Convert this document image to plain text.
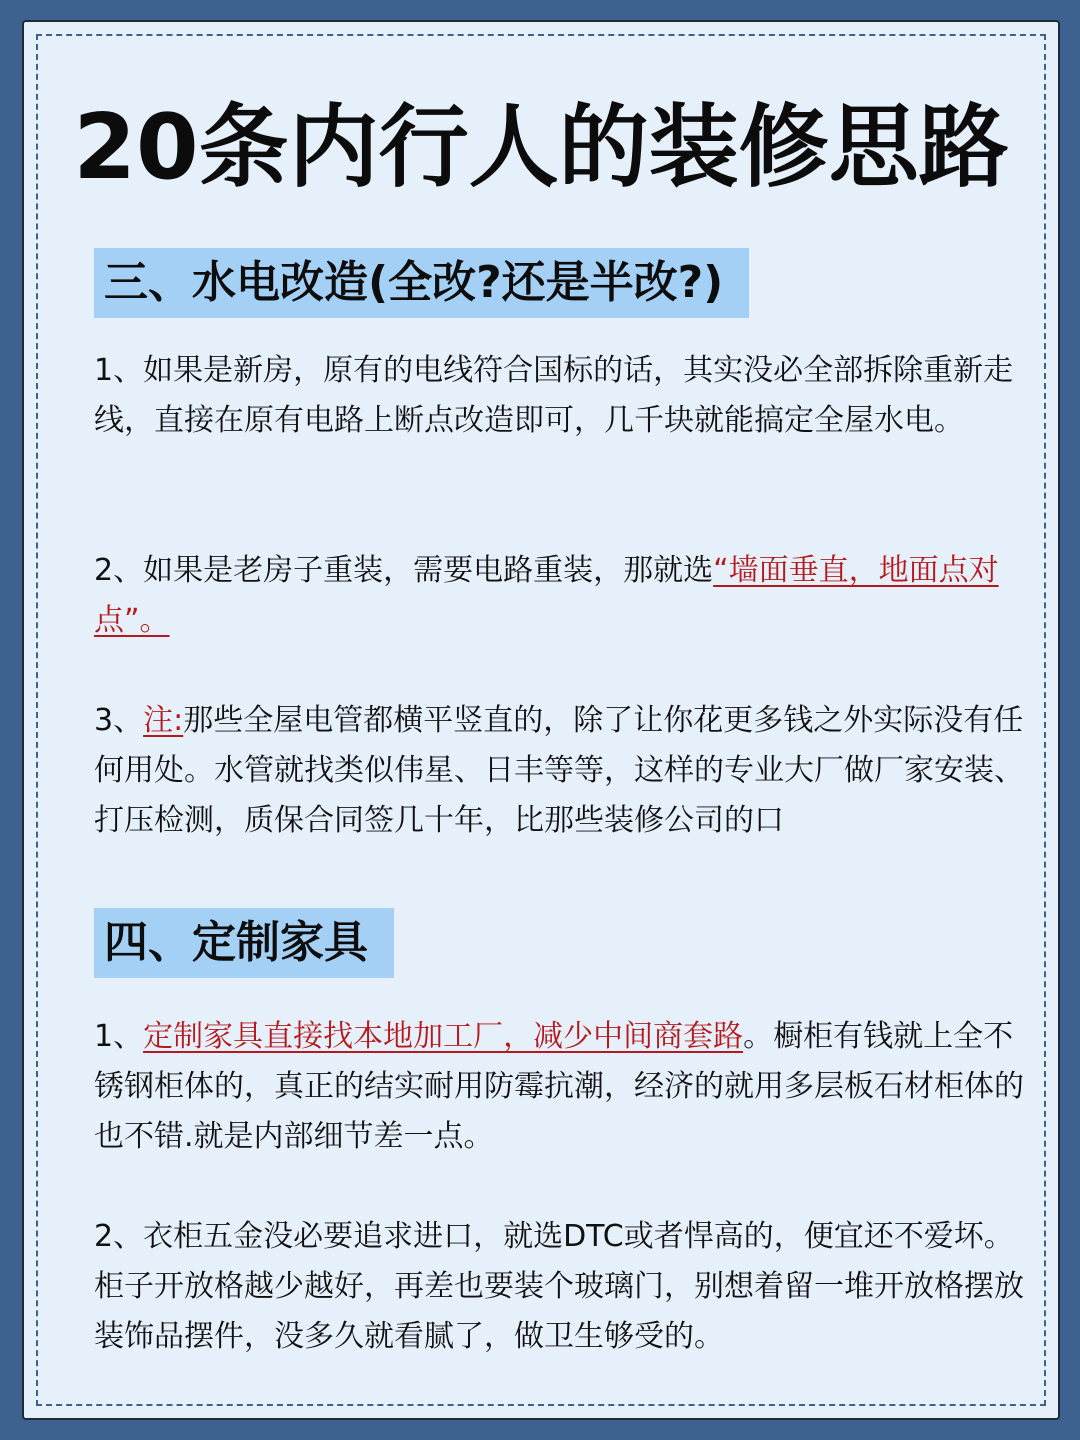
20条内行人的装修思路
三、水电改造(全改?还是半改?)

1、如果是新房，原有的电线符合国标的话，其实没必全部拆除重新走线，直接在原有电路上断点改造即可，几千块就能搞定全屋水电。

2、如果是老房子重装，需要电路重装，那就选“墙面垂直，地面点对点”。

3、注:那些全屋电管都横平竖直的，除了让你花更多钱之外实际没有任何用处。水管就找类似伟星、日丰等等，这样的专业大厂做厂家安装、打压检测，质保合同签几十年，比那些装修公司的口

四、定制家具

1、定制家具直接找本地加工厂，减少中间商套路。橱柜有钱就上全不锈钢柜体的，真正的结实耐用防霉抗潮，经济的就用多层板石材柜体的也不错.就是内部细节差一点。

2、衣柜五金没必要追求进口，就选DTC或者悍高的，便宜还不爱坏。柜子开放格越少越好，再差也要装个玻璃门，别想着留一堆开放格摆放装饰品摆件，没多久就看腻了，做卫生够受的。
